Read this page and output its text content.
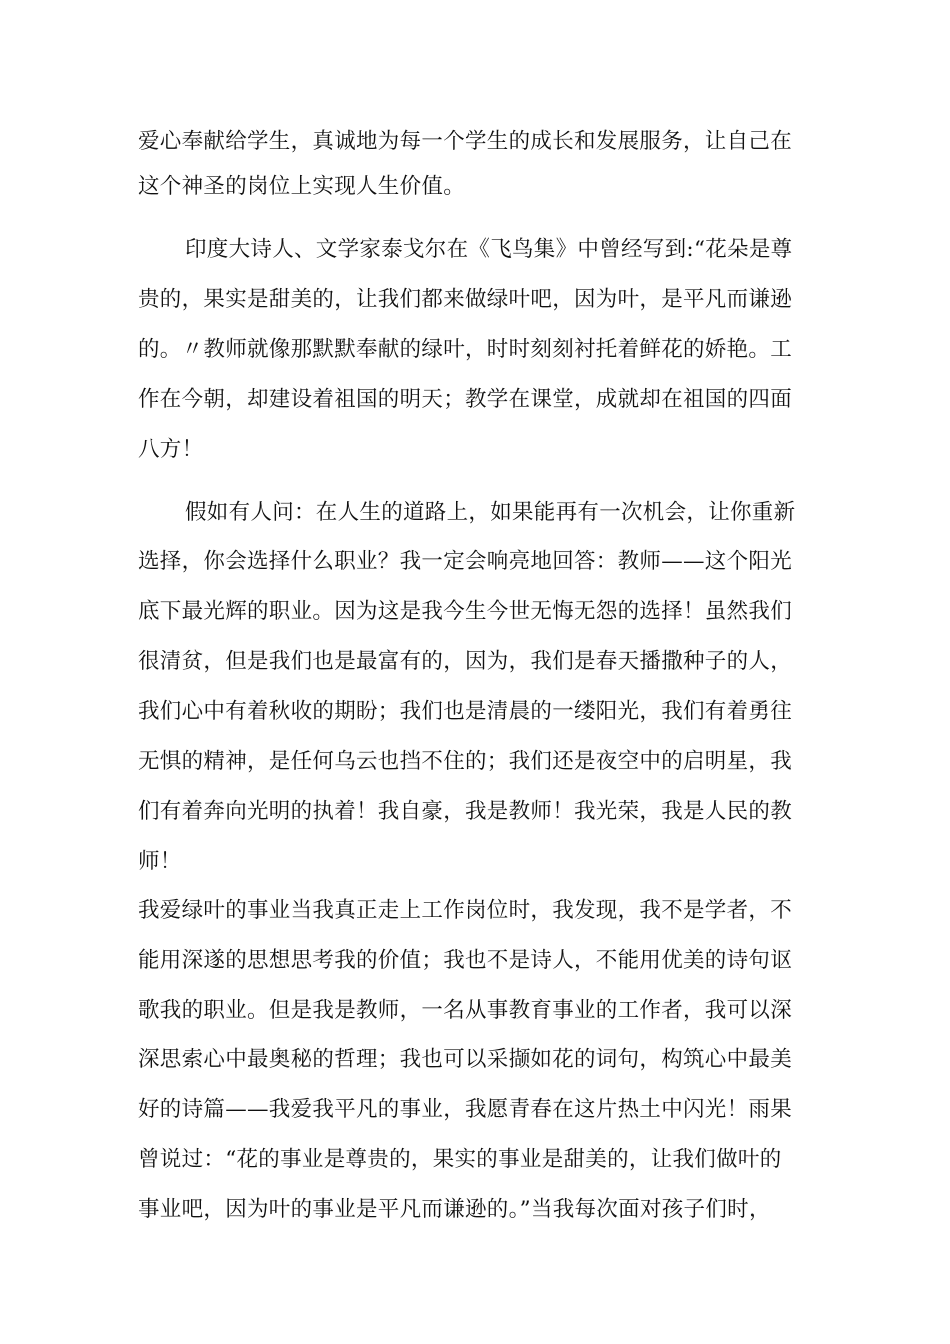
爱心奉献给学生，真诚地为每一个学生的成长和发展服务，让自己在

这个神圣的岗位上实现人生价值。

印度大诗人、文学家泰戈尔在《飞鸟集》中曾经写到:“花朵是尊

贵的，果实是甜美的，让我们都来做绿叶吧，因为叶，是平凡而谦逊

的。〃教师就像那默默奉献的绿叶，时时刻刻衬托着鲜花的娇艳。工

作在今朝，却建设着祖国的明天；教学在课堂，成就却在祖国的四面

八方！

假如有人问：在人生的道路上，如果能再有一次机会，让你重新

选择，你会选择什么职业？我一定会响亮地回答：教师——这个阳光

底下最光辉的职业。因为这是我今生今世无悔无怨的选择！虽然我们

很清贫，但是我们也是最富有的，因为，我们是春天播撒种子的人，

我们心中有着秋收的期盼；我们也是清晨的一缕阳光，我们有着勇往

无惧的精神，是任何乌云也挡不住的；我们还是夜空中的启明星，我

们有着奔向光明的执着！我自豪，我是教师！我光荣，我是人民的教

师！

我爱绿叶的事业当我真正走上工作岗位时，我发现，我不是学者，不

能用深遂的思想思考我的价值；我也不是诗人，不能用优美的诗句讴

歌我的职业。但是我是教师，一名从事教育事业的工作者，我可以深

深思索心中最奥秘的哲理；我也可以采撷如花的词句，构筑心中最美

好的诗篇——我爱我平凡的事业，我愿青春在这片热土中闪光！雨果

曾说过：“花的事业是尊贵的，果实的事业是甜美的，让我们做叶的

事业吧，因为叶的事业是平凡而谦逊的。”当我每次面对孩子们时，
